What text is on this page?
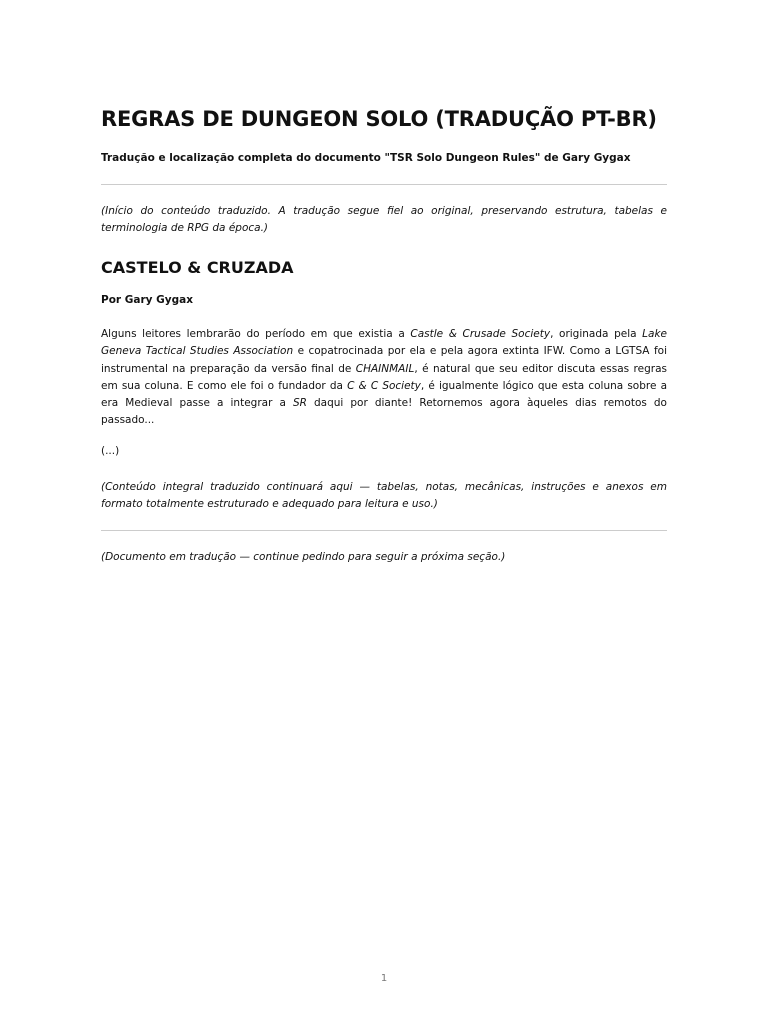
REGRAS DE DUNGEON SOLO (TRADUÇÃO PT-BR)

Tradução e localização completa do documento "TSR Solo Dungeon Rules" de Gary Gygax

(Início do conteúdo traduzido. A tradução segue fiel ao original, preservando estrutura, tabelas e terminologia de RPG da época.)

CASTELO & CRUZADA

Por Gary Gygax

Alguns leitores lembrarão do período em que existia a Castle & Crusade Society, originada pela Lake Geneva Tactical Studies Association e copatrocinada por ela e pela agora extinta IFW. Como a LGTSA foi instrumental na preparação da versão final de CHAINMAIL, é natural que seu editor discuta essas regras em sua coluna. E como ele foi o fundador da C & C Society, é igualmente lógico que esta coluna sobre a era Medieval passe a integrar a SR daqui por diante! Retornemos agora àqueles dias remotos do passado...

(...)

(Conteúdo integral traduzido continuará aqui — tabelas, notas, mecânicas, instruções e anexos em formato totalmente estruturado e adequado para leitura e uso.)

(Documento em tradução — continue pedindo para seguir a próxima seção.)

1
